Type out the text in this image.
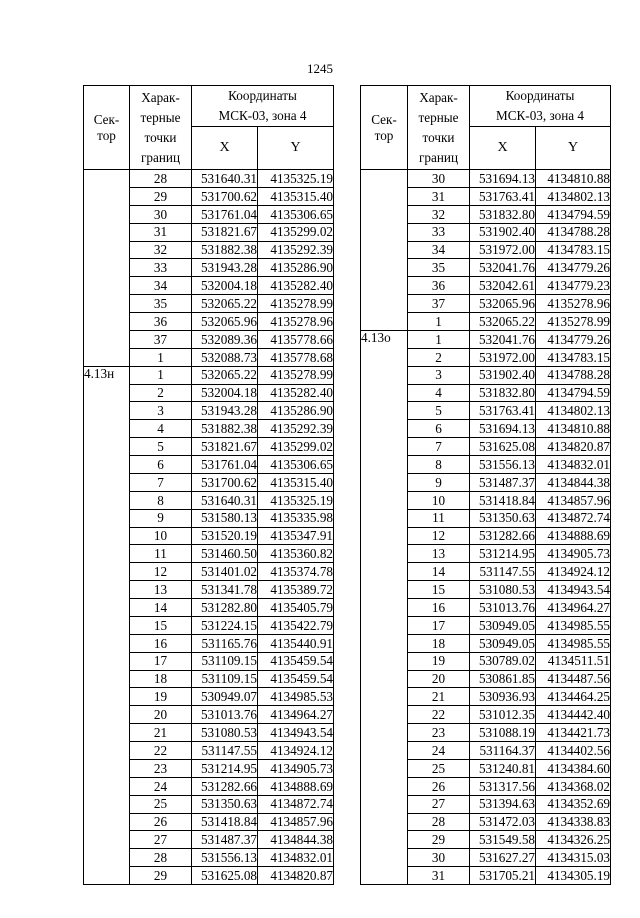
1245
Сек-
тор	Харак-
терные
точки
границ	Координаты
МСК-03, зона 4	

		X	Y
	28	531640.31	4135325.19
	29	531700.62	4135315.40
	30	531761.04	4135306.65
	31	531821.67	4135299.02
	32	531882.38	4135292.39
	33	531943.28	4135286.90
	34	532004.18	4135282.40
	35	532065.22	4135278.99
	36	532065.96	4135278.96
	37	532089.36	4135778.66
	1	532088.73	4135778.68
4.13н	1	532065.22	4135278.99
	2	532004.18	4135282.40
	3	531943.28	4135286.90
	4	531882.38	4135292.39
	5	531821.67	4135299.02
	6	531761.04	4135306.65
	7	531700.62	4135315.40
	8	531640.31	4135325.19
	9	531580.13	4135335.98
	10	531520.19	4135347.91
	11	531460.50	4135360.82
	12	531401.02	4135374.78
	13	531341.78	4135389.72
	14	531282.80	4135405.79
	15	531224.15	4135422.79
	16	531165.76	4135440.91
	17	531109.15	4135459.54
	18	531109.15	4135459.54
	19	530949.07	4134985.53
	20	531013.76	4134964.27
	21	531080.53	4134943.54
	22	531147.55	4134924.12
	23	531214.95	4134905.73
	24	531282.66	4134888.69
	25	531350.63	4134872.74
	26	531418.84	4134857.96
	27	531487.37	4134844.38
	28	531556.13	4134832.01
	29	531625.08	4134820.87
Сек-
тор	Харак-
терные
точки
границ	Координаты
МСК-03, зона 4	

		X	Y
	30	531694.13	4134810.88
	31	531763.41	4134802.13
	32	531832.80	4134794.59
	33	531902.40	4134788.28
	34	531972.00	4134783.15
	35	532041.76	4134779.26
	36	532042.61	4134779.23
	37	532065.96	4135278.96
	1	532065.22	4135278.99
4.13о	1	532041.76	4134779.26
	2	531972.00	4134783.15
	3	531902.40	4134788.28
	4	531832.80	4134794.59
	5	531763.41	4134802.13
	6	531694.13	4134810.88
	7	531625.08	4134820.87
	8	531556.13	4134832.01
	9	531487.37	4134844.38
	10	531418.84	4134857.96
	11	531350.63	4134872.74
	12	531282.66	4134888.69
	13	531214.95	4134905.73
	14	531147.55	4134924.12
	15	531080.53	4134943.54
	16	531013.76	4134964.27
	17	530949.05	4134985.55
	18	530949.05	4134985.55
	19	530789.02	4134511.51
	20	530861.85	4134487.56
	21	530936.93	4134464.25
	22	531012.35	4134442.40
	23	531088.19	4134421.73
	24	531164.37	4134402.56
	25	531240.81	4134384.60
	26	531317.56	4134368.02
	27	531394.63	4134352.69
	28	531472.03	4134338.83
	29	531549.58	4134326.25
	30	531627.27	4134315.03
	31	531705.21	4134305.19
